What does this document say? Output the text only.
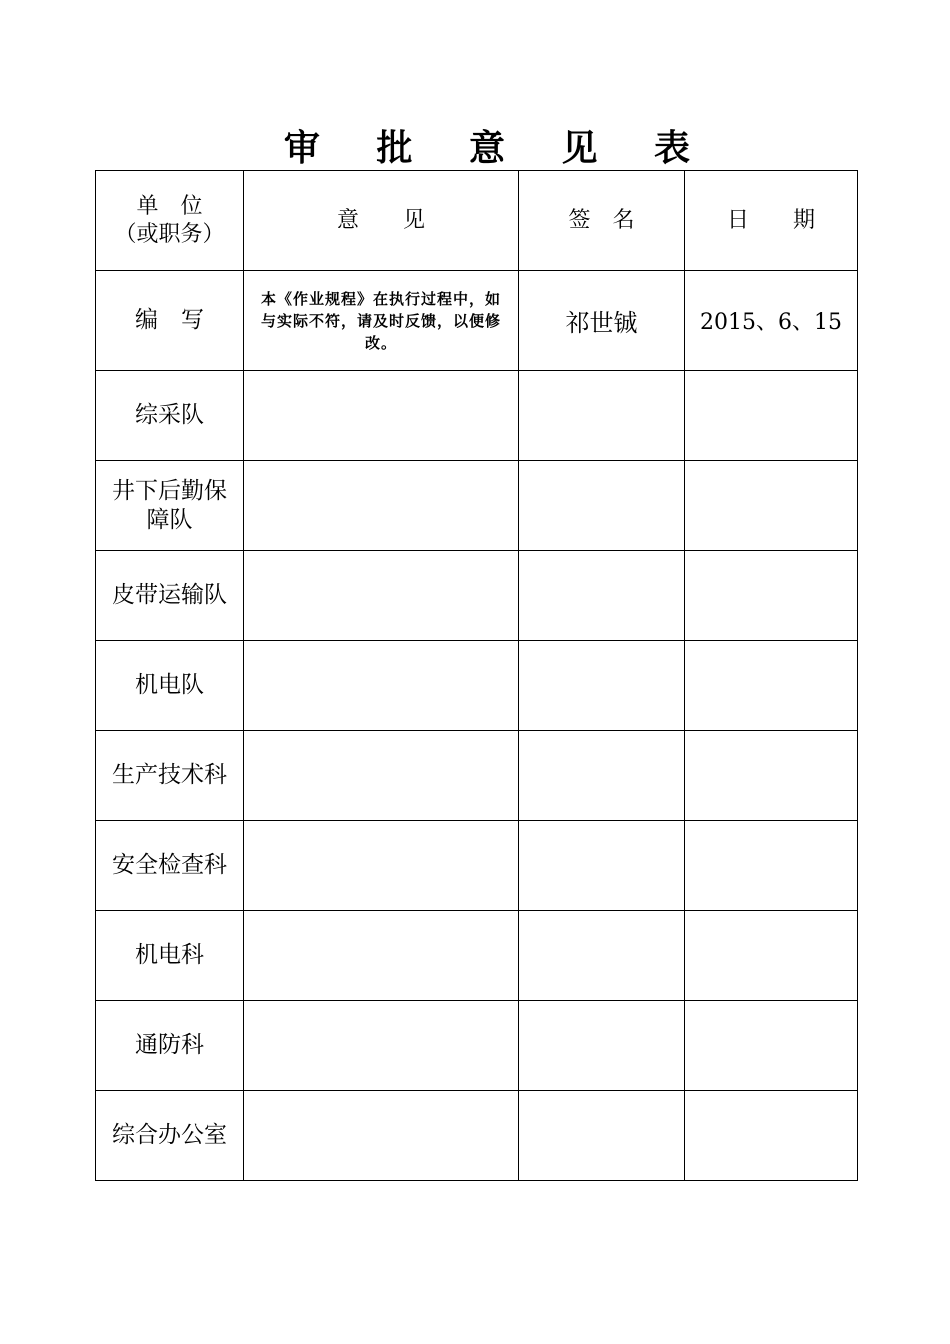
审 批 意 见 表
单　位
（或职务）	意　　见	签　名	日　　期

编　写	本《作业规程》在执行过程中，如与实际不符，请及时反馈，以便修改。	祁世铖	2015、6、15

综采队			

井下后勤保
障队			

皮带运输队			

机电队			

生产技术科			

安全检查科			

机电科			

通防科			

综合办公室			
